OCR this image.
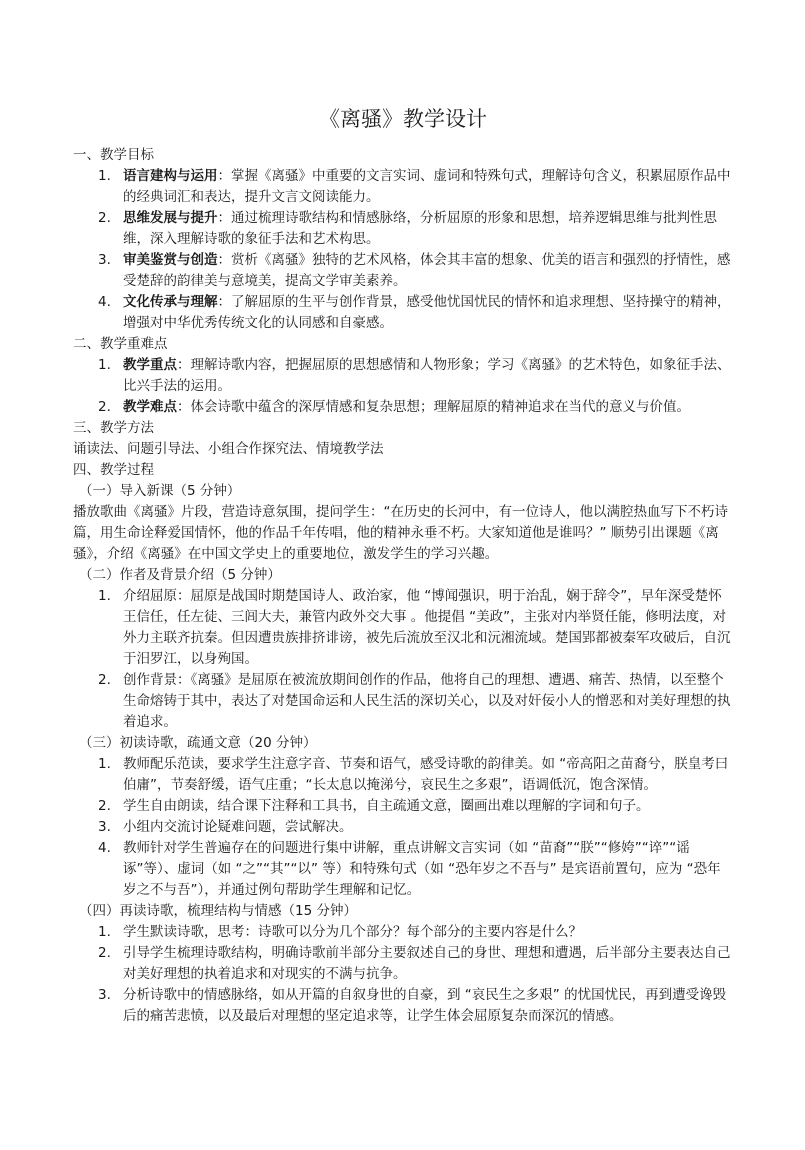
《离骚》教学设计
一、教学目标
1. 语言建构与运用：掌握《离骚》中重要的文言实词、虚词和特殊句式，理解诗句含义，积累屈原作品中的经典词汇和表达，提升文言文阅读能力。
2. 思维发展与提升：通过梳理诗歌结构和情感脉络，分析屈原的形象和思想，培养逻辑思维与批判性思维，深入理解诗歌的象征手法和艺术构思。
3. 审美鉴赏与创造：赏析《离骚》独特的艺术风格，体会其丰富的想象、优美的语言和强烈的抒情性，感受楚辞的韵律美与意境美，提高文学审美素养。
4. 文化传承与理解：了解屈原的生平与创作背景，感受他忧国忧民的情怀和追求理想、坚持操守的精神，增强对中华优秀传统文化的认同感和自豪感。
二、教学重难点
1. 教学重点：理解诗歌内容，把握屈原的思想感情和人物形象；学习《离骚》的艺术特色，如象征手法、比兴手法的运用。
2. 教学难点：体会诗歌中蕴含的深厚情感和复杂思想；理解屈原的精神追求在当代的意义与价值。
三、教学方法
诵读法、问题引导法、小组合作探究法、情境教学法
四、教学过程
（一）导入新课（5 分钟）
播放歌曲《离骚》片段，营造诗意氛围，提问学生：“在历史的长河中，有一位诗人，他以满腔热血写下不朽诗篇，用生命诠释爱国情怀，他的作品千年传唱，他的精神永垂不朽。大家知道他是谁吗？” 顺势引出课题《离骚》，介绍《离骚》在中国文学史上的重要地位，激发学生的学习兴趣。
（二）作者及背景介绍（5 分钟）
1. 介绍屈原：屈原是战国时期楚国诗人、政治家，他 “博闻强识，明于治乱，娴于辞令”，早年深受楚怀王信任，任左徒、三闾大夫，兼管内政外交大事 。他提倡 “美政”，主张对内举贤任能，修明法度，对外力主联齐抗秦。但因遭贵族排挤诽谤，被先后流放至汉北和沅湘流域。楚国郢都被秦军攻破后，自沉于汨罗江，以身殉国。
2. 创作背景：《离骚》是屈原在被流放期间创作的作品，他将自己的理想、遭遇、痛苦、热情，以至整个生命熔铸于其中，表达了对楚国命运和人民生活的深切关心，以及对奸佞小人的憎恶和对美好理想的执着追求。
（三）初读诗歌，疏通文意（20 分钟）
1. 教师配乐范读，要求学生注意字音、节奏和语气，感受诗歌的韵律美。如 “帝高阳之苗裔兮，朕皇考曰伯庸”，节奏舒缓，语气庄重；“长太息以掩涕兮，哀民生之多艰”，语调低沉，饱含深情。
2. 学生自由朗读，结合课下注释和工具书，自主疏通文意，圈画出难以理解的字词和句子。
3. 小组内交流讨论疑难问题，尝试解决。
4. 教师针对学生普遍存在的问题进行集中讲解，重点讲解文言实词（如 “苗裔”“朕”“修姱”“谇”“谣诼”等）、虚词（如 “之”“其”“以” 等）和特殊句式（如 “恐年岁之不吾与” 是宾语前置句，应为 “恐年岁之不与吾”），并通过例句帮助学生理解和记忆。
（四）再读诗歌，梳理结构与情感（15 分钟）
1. 学生默读诗歌，思考：诗歌可以分为几个部分？每个部分的主要内容是什么？
2. 引导学生梳理诗歌结构，明确诗歌前半部分主要叙述自己的身世、理想和遭遇，后半部分主要表达自己对美好理想的执着追求和对现实的不满与抗争。
3. 分析诗歌中的情感脉络，如从开篇的自叙身世的自豪，到 “哀民生之多艰” 的忧国忧民，再到遭受谗毁后的痛苦悲愤，以及最后对理想的坚定追求等，让学生体会屈原复杂而深沉的情感。
